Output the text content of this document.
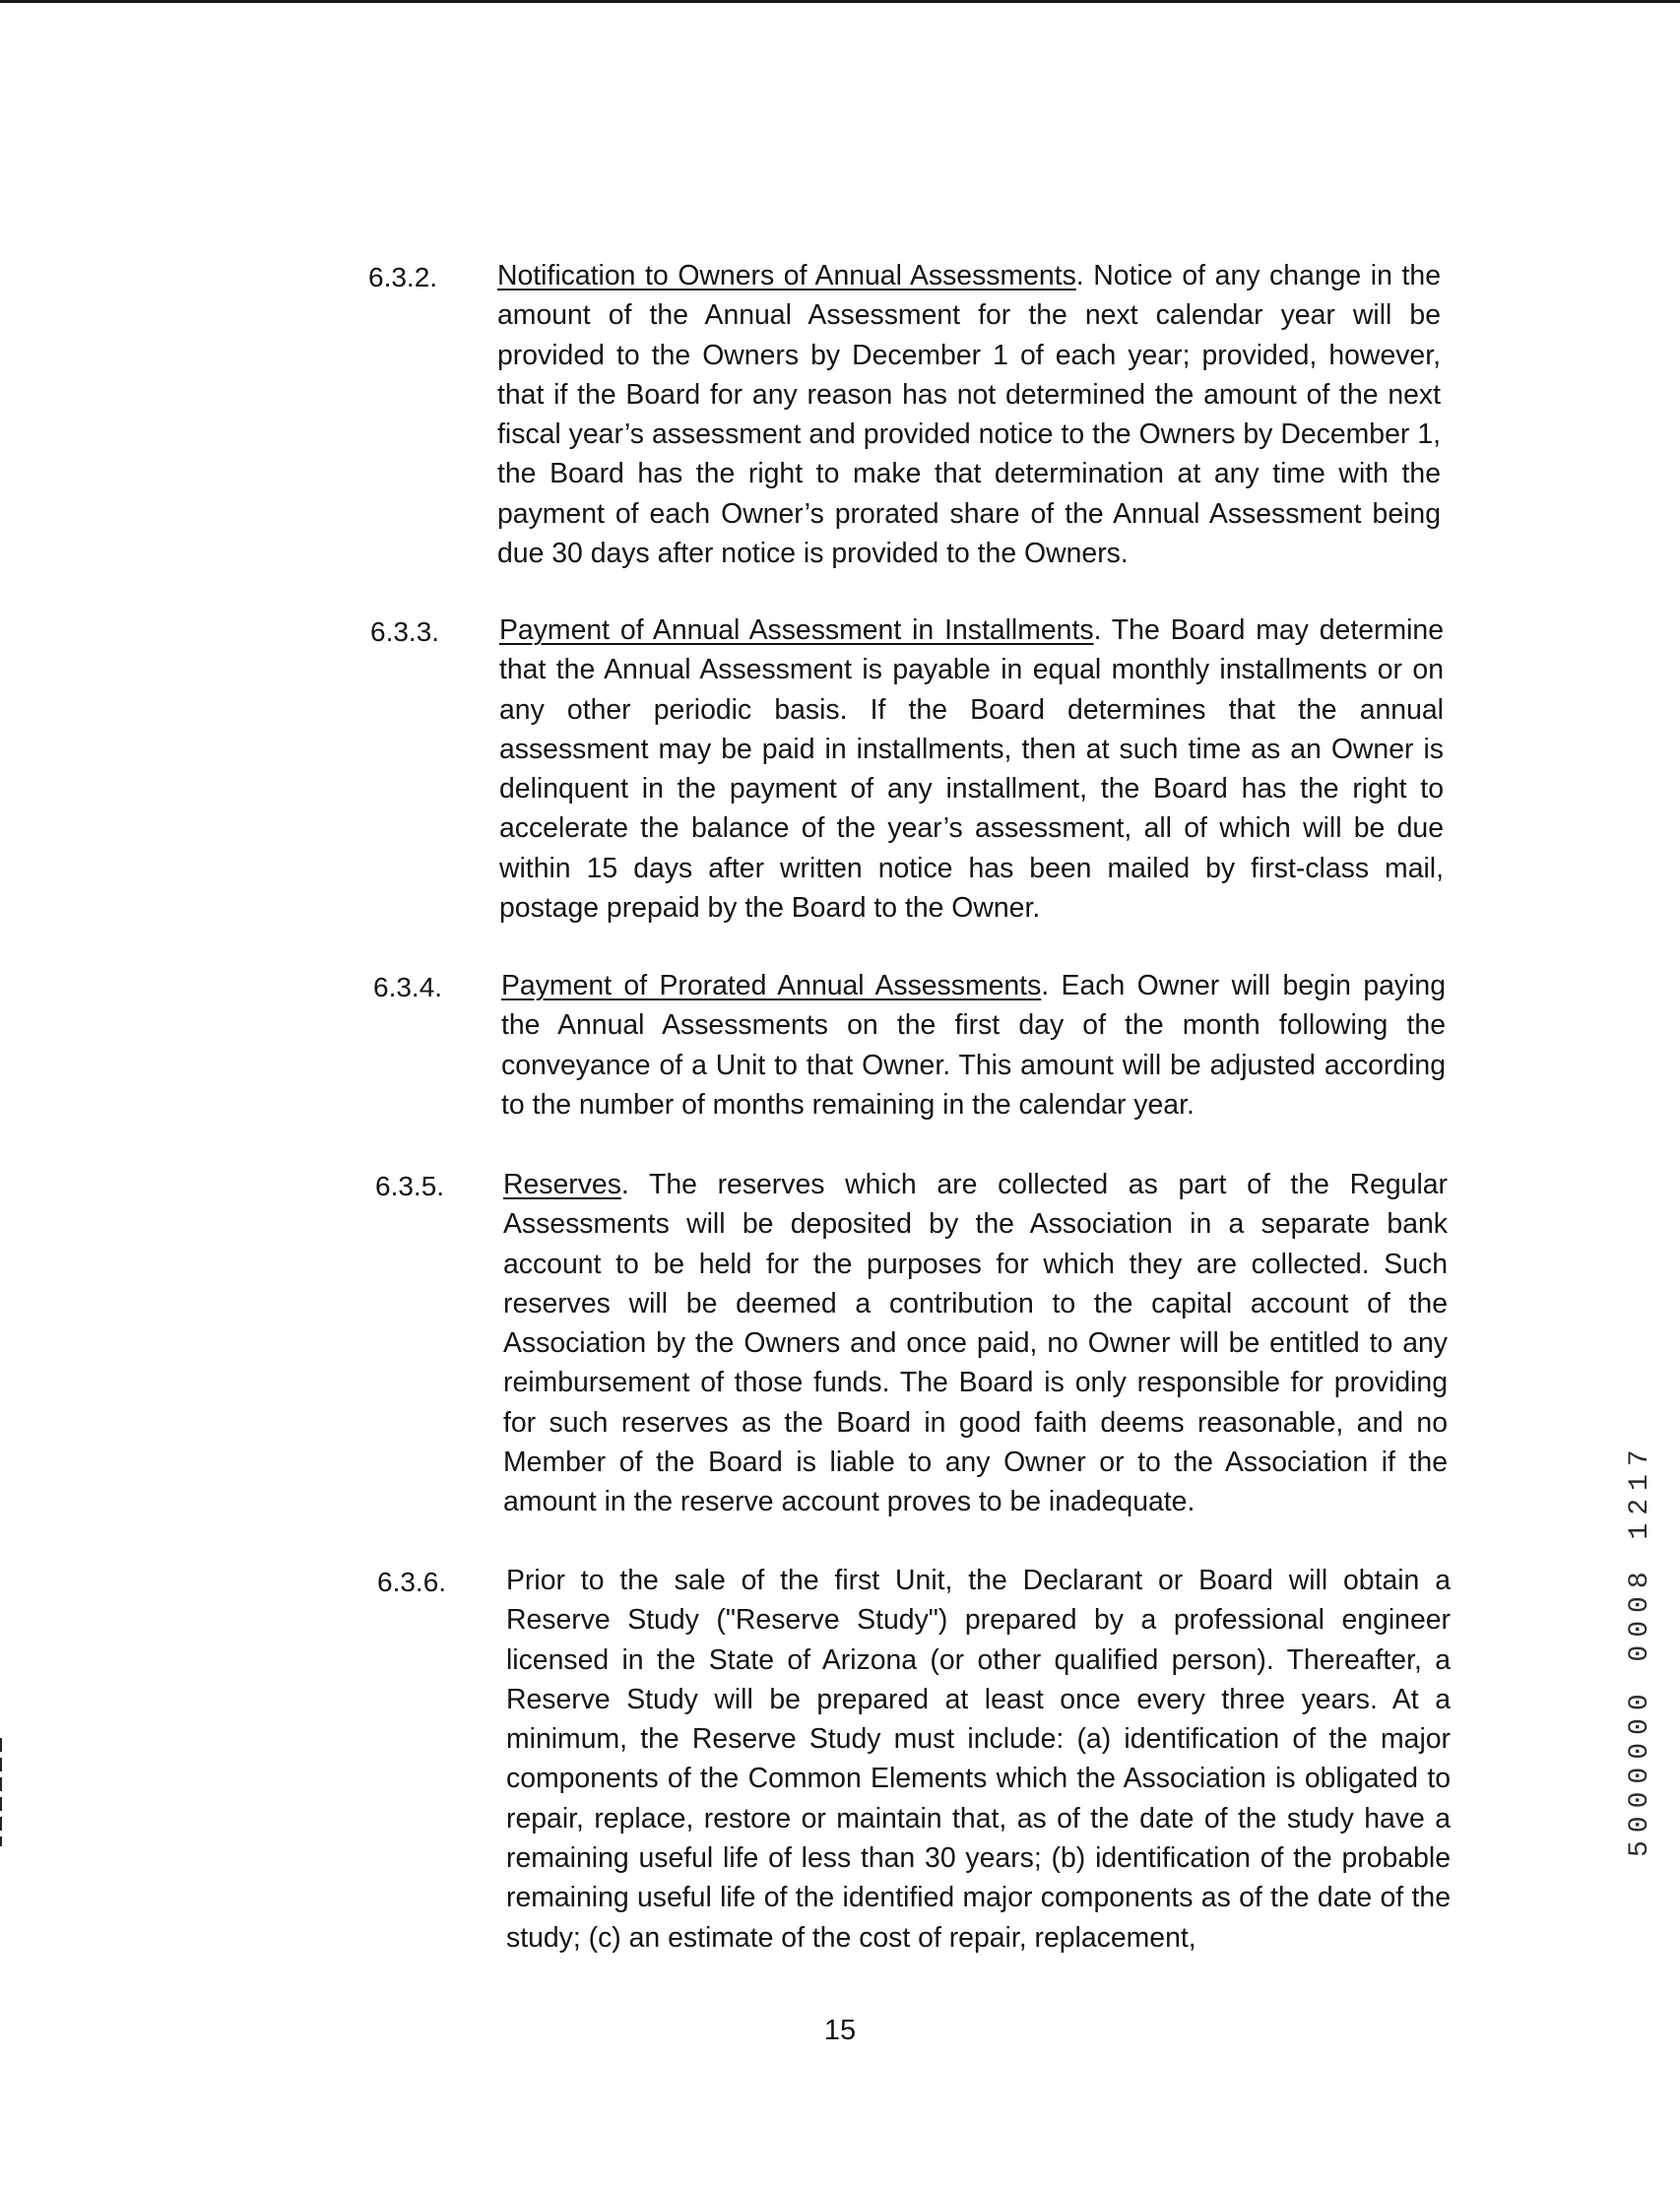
6.3.2. Notification to Owners of Annual Assessments. Notice of any change in the amount of the Annual Assessment for the next calendar year will be provided to the Owners by December 1 of each year; provided, however, that if the Board for any reason has not determined the amount of the next fiscal year’s assessment and provided notice to the Owners by December 1, the Board has the right to make that determination at any time with the payment of each Owner’s prorated share of the Annual Assessment being due 30 days after notice is provided to the Owners.

6.3.3. Payment of Annual Assessment in Installments. The Board may determine that the Annual Assessment is payable in equal monthly installments or on any other periodic basis. If the Board determines that the annual assessment may be paid in installments, then at such time as an Owner is delinquent in the payment of any installment, the Board has the right to accelerate the balance of the year’s assessment, all of which will be due within 15 days after written notice has been mailed by first-class mail, postage prepaid by the Board to the Owner.

6.3.4. Payment of Prorated Annual Assessments. Each Owner will begin paying the Annual Assessments on the first day of the month following the conveyance of a Unit to that Owner. This amount will be adjusted according to the number of months remaining in the calendar year.

6.3.5. Reserves. The reserves which are collected as part of the Regular Assessments will be deposited by the Association in a separate bank account to be held for the purposes for which they are collected. Such reserves will be deemed a contribution to the capital account of the Association by the Owners and once paid, no Owner will be entitled to any reimbursement of those funds. The Board is only responsible for providing for such reserves as the Board in good faith deems reasonable, and no Member of the Board is liable to any Owner or to the Association if the amount in the reserve account proves to be inadequate.

6.3.6. Prior to the sale of the first Unit, the Declarant or Board will obtain a Reserve Study ("Reserve Study") prepared by a professional engineer licensed in the State of Arizona (or other qualified person). Thereafter, a Reserve Study will be prepared at least once every three years. At a minimum, the Reserve Study must include: (a) identification of the major components of the Common Elements which the Association is obligated to repair, replace, restore or maintain that, as of the date of the study have a remaining useful life of less than 30 years; (b) identification of the probable remaining useful life of the identified major components as of the date of the study; (c) an estimate of the cost of repair, replacement,

15
5000000 0008 1217
